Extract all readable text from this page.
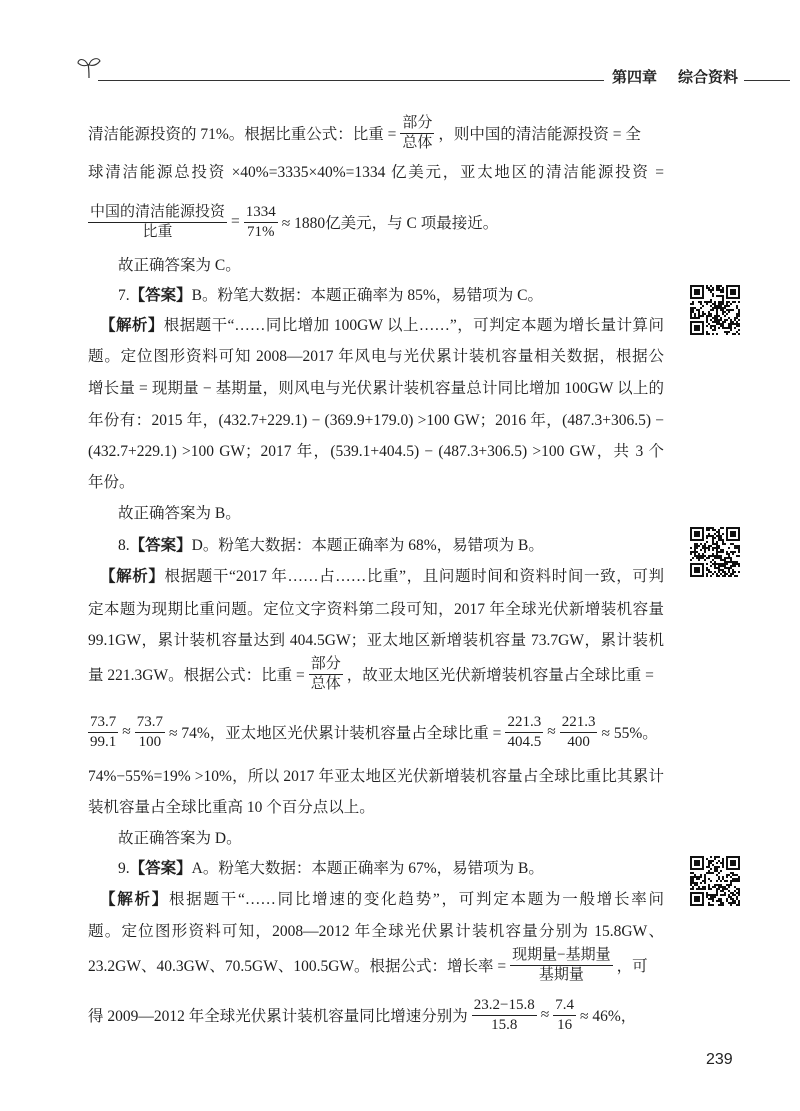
第四章 综合资料
清洁能源投资的 71%。根据比重公式：比重 = $\frac{\text{部分}}{\text{总体}}$ ，则中国的清洁能源投资 = 全
球清洁能源总投资 ×40%=3335×40%=1334 亿美元，亚太地区的清洁能源投资 =
$\frac{\text{中国的清洁能源投资}}{\text{比重}} = \frac{1334}{71\%} \approx 1880$亿美元，与 C 项最接近。
故正确答案为 C。
7.【答案】B。粉笔大数据：本题正确率为 85%，易错项为 C。
【解析】根据题干“……同比增加 100GW 以上……”，可判定本题为增长量计算问
题。定位图形资料可知 2008—2017 年风电与光伏累计装机容量相关数据，根据公
增长量 = 现期量 − 基期量，则风电与光伏累计装机容量总计同比增加 100GW 以上的
年份有：2015 年，(432.7+229.1) − (369.9+179.0) >100 GW；2016 年，(487.3+306.5) −
(432.7+229.1) >100 GW；2017 年，(539.1+404.5) − (487.3+306.5) >100 GW，共 3 个
年份。
故正确答案为 B。
8.【答案】D。粉笔大数据：本题正确率为 68%，易错项为 B。
【解析】根据题干“2017 年……占……比重”，且问题时间和资料时间一致，可判
定本题为现期比重问题。定位文字资料第二段可知，2017 年全球光伏新增装机容量
99.1GW，累计装机容量达到 404.5GW；亚太地区新增装机容量 73.7GW，累计装机
量 221.3GW。根据公式：比重 = $\frac{\text{部分}}{\text{总体}}$ ，故亚太地区光伏新增装机容量占全球比重 =
$\frac{73.7}{99.1} \approx \frac{73.7}{100} \approx 74\%$，亚太地区光伏累计装机容量占全球比重 = $\frac{221.3}{404.5} \approx \frac{221.3}{400} \approx 55\%$。
74%−55%=19% >10%，所以 2017 年亚太地区光伏新增装机容量占全球比重比其累计
装机容量占全球比重高 10 个百分点以上。
故正确答案为 D。
9.【答案】A。粉笔大数据：本题正确率为 67%，易错项为 B。
【解析】根据题干“……同比增速的变化趋势”，可判定本题为一般增长率问
题。定位图形资料可知，2008—2012 年全球光伏累计装机容量分别为 15.8GW、
23.2GW、40.3GW、70.5GW、100.5GW。根据公式：增长率 = $\frac{\text{现期量−基期量}}{\text{基期量}}$ ，可
得 2009—2012 年全球光伏累计装机容量同比增速分别为 $\frac{23.2-15.8}{15.8} \approx \frac{7.4}{16} \approx 46\%$，
239
